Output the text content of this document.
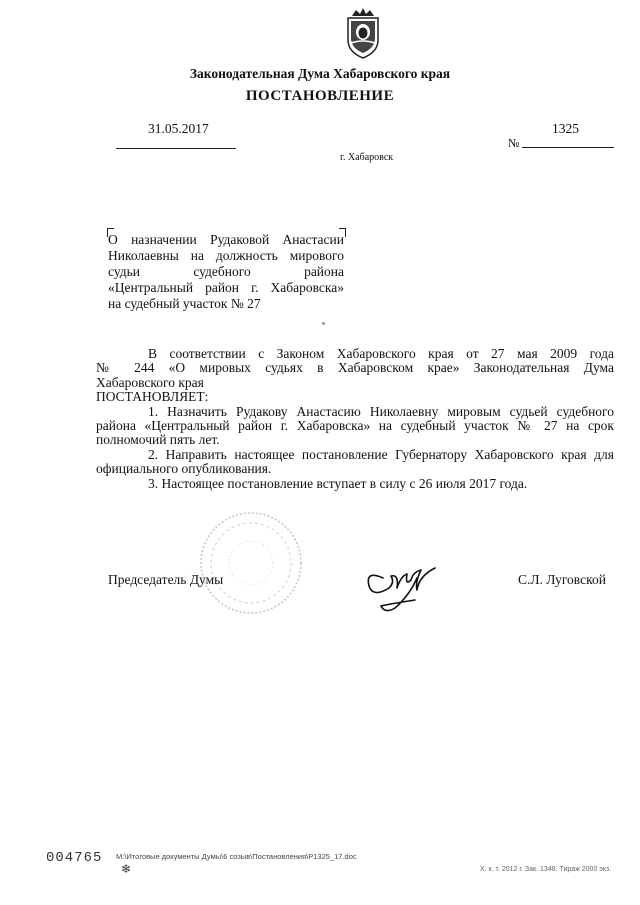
Законодательная Дума Хабаровского края
ПОСТАНОВЛЕНИЕ
31.05.2017	1325
№
г. Хабаровск
О назначении Рудаковой Анастасии
Николаевны на должность мирового
судьи судебного района
«Центральный район г. Хабаровска»
на судебный участок № 27

В соответствии с Законом Хабаровского края от 27 мая 2009 года

№ 244 «О мировых судьях в Хабаровском крае» Законодательная Дума

Хабаровского края

ПОСТАНОВЛЯЕТ:

1. Назначить Рудакову Анастасию Николаевну мировым судьей судебного

района «Центральный район г. Хабаровска» на судебный участок № 27 на срок

полномочий пять лет.

2. Направить настоящее постановление Губернатору Хабаровского края для

официального опубликования.

3. Настоящее постановление вступает в силу с 26 июля 2017 года.

Председатель Думы	С.Л. Луговской
004765
❄
М:\Итоговые документы Думы\6 созыв\Постановления\Р1325_17.doc
Х. к. т. 2012 г. Зак. 1348. Тираж 2000 экз.
